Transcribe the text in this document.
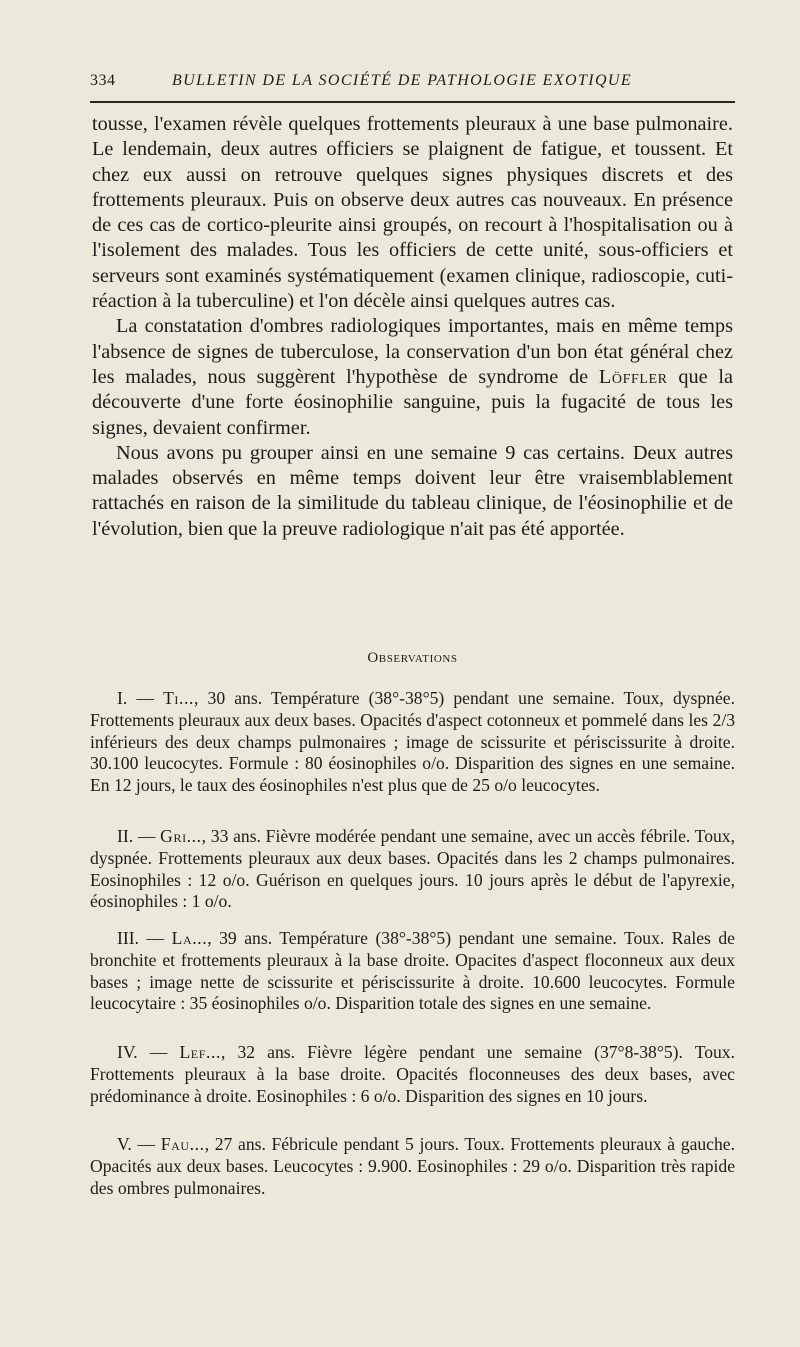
334	BULLETIN DE LA SOCIÉTÉ DE PATHOLOGIE EXOTIQUE

tousse, l'examen révèle quelques frottements pleuraux à une base pulmonaire. Le lendemain, deux autres officiers se plaignent de fatigue, et toussent. Et chez eux aussi on retrouve quelques signes physiques discrets et des frottements pleuraux. Puis on observe deux autres cas nouveaux. En présence de ces cas de cortico-pleurite ainsi groupés, on recourt à l'hospitalisation ou à l'isolement des malades. Tous les officiers de cette unité, sous-officiers et serveurs sont examinés systématiquement (examen clinique, radioscopie, cuti-réaction à la tuberculine) et l'on décèle ainsi quelques autres cas.

La constatation d'ombres radiologiques importantes, mais en même temps l'absence de signes de tuberculose, la conservation d'un bon état général chez les malades, nous suggèrent l'hypothèse de syndrome de Löffler que la découverte d'une forte éosinophilie sanguine, puis la fugacité de tous les signes, devaient confirmer.

Nous avons pu grouper ainsi en une semaine 9 cas certains. Deux autres malades observés en même temps doivent leur être vraisemblablement rattachés en raison de la similitude du tableau clinique, de l'éosinophilie et de l'évolution, bien que la preuve radiologique n'ait pas été apportée.

Observations

I. — Ti..., 30 ans. Température (38°-38°5) pendant une semaine. Toux, dyspnée. Frottements pleuraux aux deux bases. Opacités d'aspect cotonneux et pommelé dans les 2/3 inférieurs des deux champs pulmonaires ; image de scissurite et périscissurite à droite. 30.100 leucocytes. Formule : 80 éosinophiles o/o. Disparition des signes en une semaine. En 12 jours, le taux des éosinophiles n'est plus que de 25 o/o leucocytes.

II. — Gri..., 33 ans. Fièvre modérée pendant une semaine, avec un accès fébrile. Toux, dyspnée. Frottements pleuraux aux deux bases. Opacités dans les 2 champs pulmonaires. Eosinophiles : 12 o/o. Guérison en quelques jours. 10 jours après le début de l'apyrexie, éosinophiles : 1 o/o.

III. — La..., 39 ans. Température (38°-38°5) pendant une semaine. Toux. Rales de bronchite et frottements pleuraux à la base droite. Opacites d'aspect floconneux aux deux bases ; image nette de scissurite et périscissurite à droite. 10.600 leucocytes. Formule leucocytaire : 35 éosinophiles o/o. Disparition totale des signes en une semaine.

IV. — Lef..., 32 ans. Fièvre légère pendant une semaine (37°8-38°5). Toux. Frottements pleuraux à la base droite. Opacités floconneuses des deux bases, avec prédominance à droite. Eosinophiles : 6 o/o. Disparition des signes en 10 jours.

V. — Fau..., 27 ans. Fébricule pendant 5 jours. Toux. Frottements pleuraux à gauche. Opacités aux deux bases. Leucocytes : 9.900. Eosinophiles : 29 o/o. Disparition très rapide des ombres pulmonaires.
